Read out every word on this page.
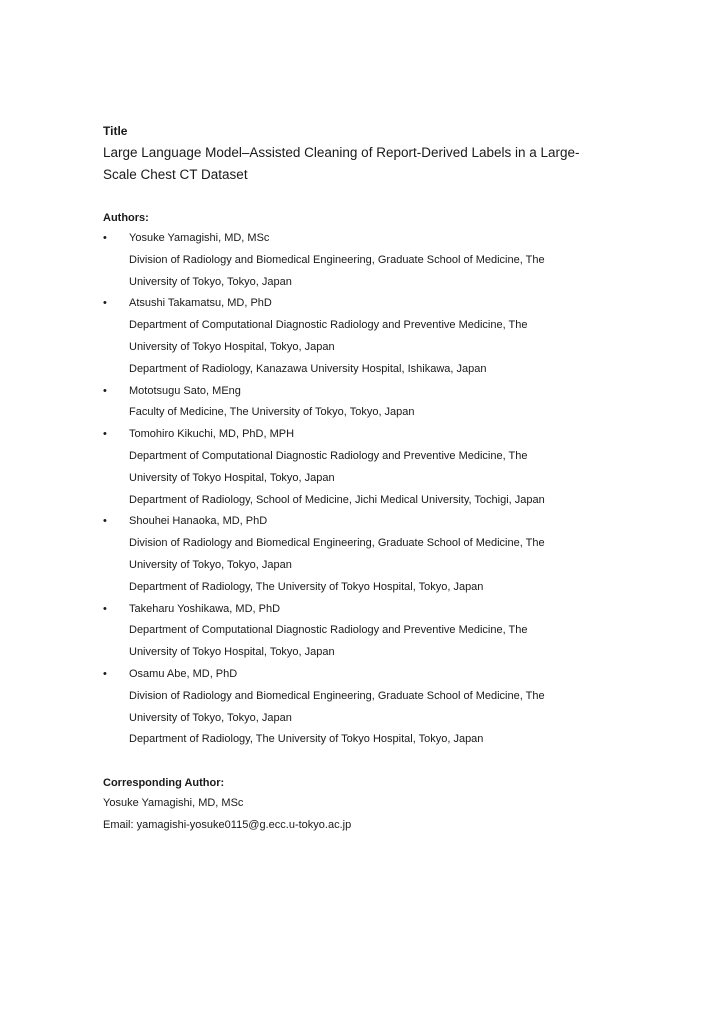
Title

Large Language Model–Assisted Cleaning of Report-Derived Labels in a Large-Scale Chest CT Dataset

Authors:
• Yosuke Yamagishi, MD, MSc
Division of Radiology and Biomedical Engineering, Graduate School of Medicine, The
University of Tokyo, Tokyo, Japan
• Atsushi Takamatsu, MD, PhD
Department of Computational Diagnostic Radiology and Preventive Medicine, The
University of Tokyo Hospital, Tokyo, Japan
Department of Radiology, Kanazawa University Hospital, Ishikawa, Japan
• Mototsugu Sato, MEng
Faculty of Medicine, The University of Tokyo, Tokyo, Japan
• Tomohiro Kikuchi, MD, PhD, MPH
Department of Computational Diagnostic Radiology and Preventive Medicine, The
University of Tokyo Hospital, Tokyo, Japan
Department of Radiology, School of Medicine, Jichi Medical University, Tochigi, Japan
• Shouhei Hanaoka, MD, PhD
Division of Radiology and Biomedical Engineering, Graduate School of Medicine, The
University of Tokyo, Tokyo, Japan
Department of Radiology, The University of Tokyo Hospital, Tokyo, Japan
• Takeharu Yoshikawa, MD, PhD
Department of Computational Diagnostic Radiology and Preventive Medicine, The
University of Tokyo Hospital, Tokyo, Japan
• Osamu Abe, MD, PhD
Division of Radiology and Biomedical Engineering, Graduate School of Medicine, The
University of Tokyo, Tokyo, Japan
Department of Radiology, The University of Tokyo Hospital, Tokyo, Japan
Corresponding Author:
Yosuke Yamagishi, MD, MSc
Email: yamagishi-yosuke0115@g.ecc.u-tokyo.ac.jp
